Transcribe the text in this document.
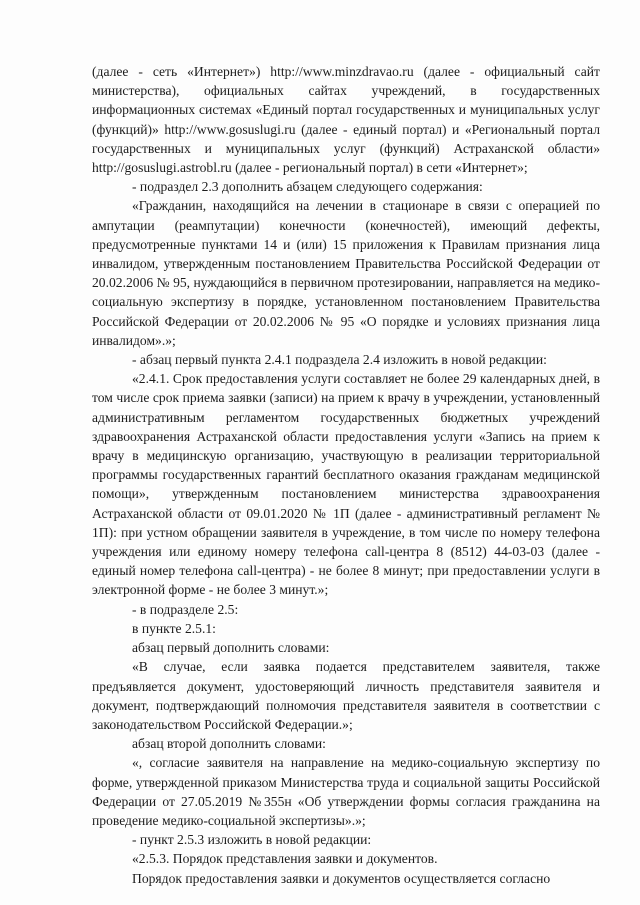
(далее - сеть «Интернет») http://www.minzdravao.ru (далее - официальный сайт министерства), официальных сайтах учреждений, в государственных информационных системах «Единый портал государственных и муниципальных услуг (функций)» http://www.gosuslugi.ru (далее - единый портал) и «Региональный портал государственных и муниципальных услуг (функций) Астраханской области» http://gosuslugi.astrobl.ru (далее - региональный портал) в сети «Интернет»;

- подраздел 2.3 дополнить абзацем следующего содержания:

«Гражданин, находящийся на лечении в стационаре в связи с операцией по ампутации (реампутации) конечности (конечностей), имеющий дефекты, предусмотренные пунктами 14 и (или) 15 приложения к Правилам признания лица инвалидом, утвержденным постановлением Правительства Российской Федерации от 20.02.2006 № 95, нуждающийся в первичном протезировании, направляется на медико-социальную экспертизу в порядке, установленном постановлением Правительства Российской Федерации от 20.02.2006 № 95 «О порядке и условиях признания лица инвалидом».»;

- абзац первый пункта 2.4.1 подраздела 2.4 изложить в новой редакции:

«2.4.1. Срок предоставления услуги составляет не более 29 календарных дней, в том числе срок приема заявки (записи) на прием к врачу в учреждении, установленный административным регламентом государственных бюджетных учреждений здравоохранения Астраханской области предоставления услуги «Запись на прием к врачу в медицинскую организацию, участвующую в реализации территориальной программы государственных гарантий бесплатного оказания гражданам медицинской помощи», утвержденным постановлением министерства здравоохранения Астраханской области от 09.01.2020 № 1П (далее - административный регламент № 1П): при устном обращении заявителя в учреждение, в том числе по номеру телефона учреждения или единому номеру телефона call-центра 8 (8512) 44-03-03 (далее - единый номер телефона call-центра) - не более 8 минут; при предоставлении услуги в электронной форме - не более 3 минут.»;

- в подразделе 2.5:

в пункте 2.5.1:

абзац первый дополнить словами:

«В случае, если заявка подается представителем заявителя, также предъявляется документ, удостоверяющий личность представителя заявителя и документ, подтверждающий полномочия представителя заявителя в соответствии с законодательством Российской Федерации.»;

абзац второй дополнить словами:

«, согласие заявителя на направление на медико-социальную экспертизу по форме, утвержденной приказом Министерства труда и социальной защиты Российской Федерации от 27.05.2019 №355н «Об утверждении формы согласия гражданина на проведение медико-социальной экспертизы».»;

- пункт 2.5.3 изложить в новой редакции:

«2.5.3. Порядок представления заявки и документов.

Порядок предоставления заявки и документов осуществляется согласно
